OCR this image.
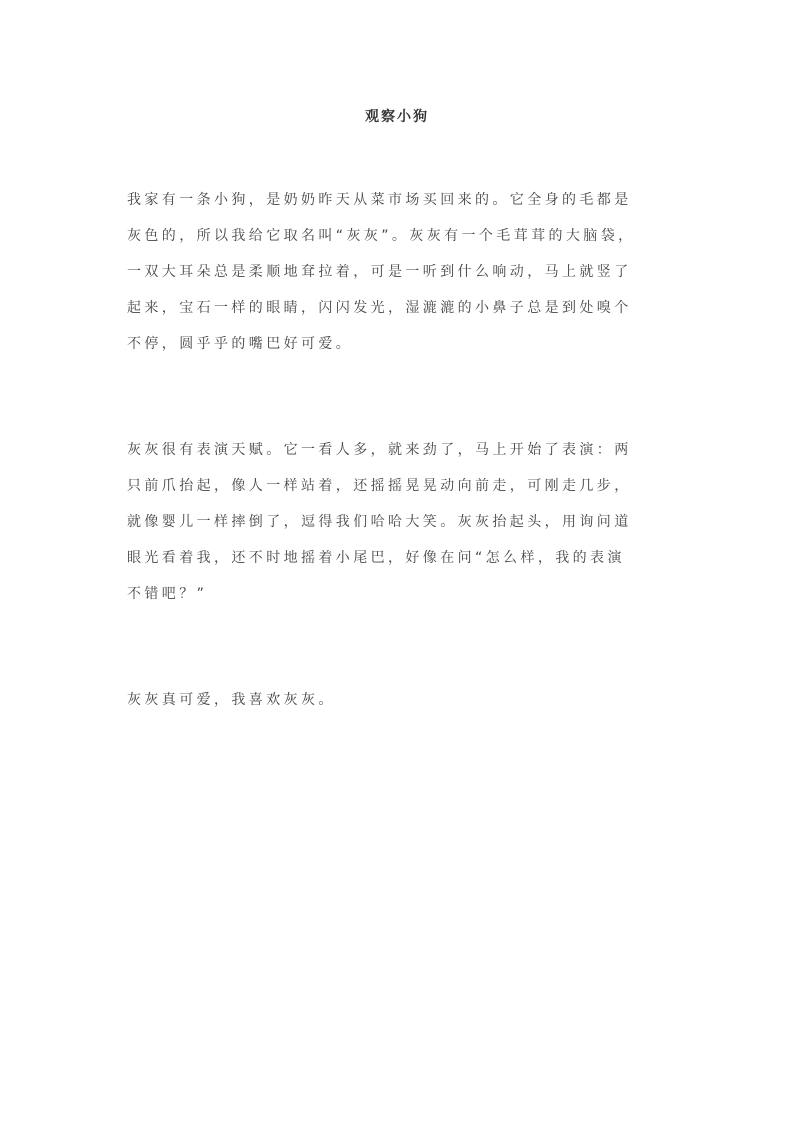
观察小狗
我家有一条小狗，是奶奶昨天从菜市场买回来的。它全身的毛都是
灰色的，所以我给它取名叫“灰灰”。灰灰有一个毛茸茸的大脑袋，
一双大耳朵总是柔顺地耷拉着，可是一听到什么响动，马上就竖了
起来，宝石一样的眼睛，闪闪发光，湿漉漉的小鼻子总是到处嗅个
不停，圆乎乎的嘴巴好可爱。
灰灰很有表演天赋。它一看人多，就来劲了，马上开始了表演：两
只前爪抬起，像人一样站着，还摇摇晃晃动向前走，可刚走几步，
就像婴儿一样摔倒了，逗得我们哈哈大笑。灰灰抬起头，用询问道
眼光看着我，还不时地摇着小尾巴，好像在问“怎么样，我的表演
不错吧？”
灰灰真可爱，我喜欢灰灰。
